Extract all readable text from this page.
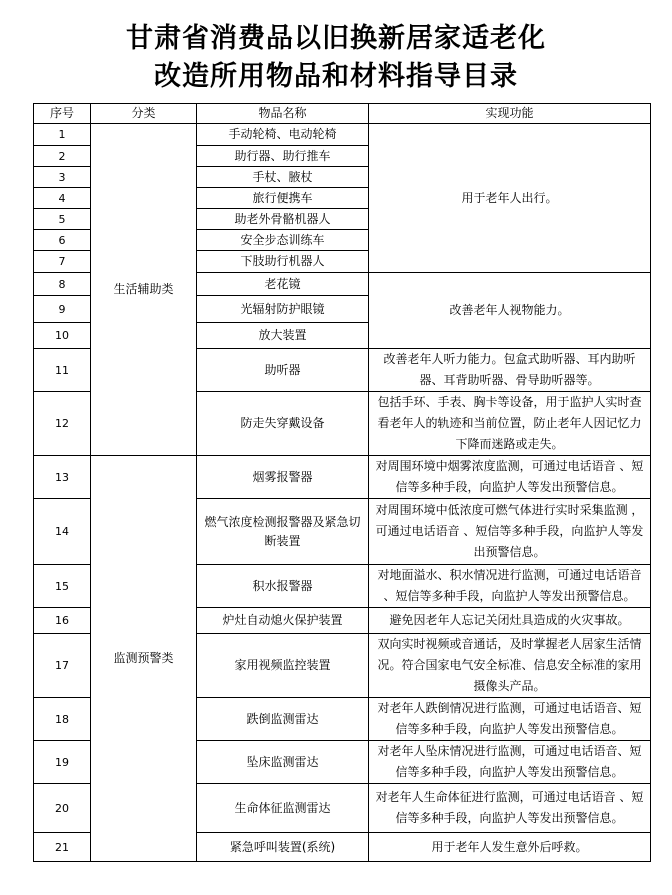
甘肃省消费品以旧换新居家适老化
改造所用物品和材料指导目录
序号	分类	物品名称	实现功能
1	生活辅助类	手动轮椅、电动轮椅	用于老年人出行。
2		助行器、助行推车	
3		手杖、腋杖	
4		旅行便携车	
5		助老外骨骼机器人	
6		安全步态训练车	
7		下肢助行机器人	
8		老花镜	改善老年人视物能力。
9		光辐射防护眼镜	
10		放大装置	
11		助听器	改善老年人听力能力。包盒式助听器、耳内助听器、耳背助听器、骨导助听器等。
12		防走失穿戴设备	包括手环、手表、胸卡等设备，用于监护人实时查看老年人的轨迹和当前位置，防止老年人因记忆力下降而迷路或走失。
13	监测预警类	烟雾报警器	对周围环境中烟雾浓度监测，可通过电话语音 、短信等多种手段，向监护人等发出预警信息。
14		燃气浓度检测报警器及紧急切断装置	对周围环境中低浓度可燃气体进行实时采集监测 ，可通过电话语音 、短信等多种手段，向监护人等发出预警信息。
15		积水报警器	对地面溢水、积水情况进行监测，可通过电话语音 、短信等多种手段，向监护人等发出预警信息。
16		炉灶自动熄火保护装置	避免因老年人忘记关闭灶具造成的火灾事故。
17		家用视频监控装置	双向实时视频或音通话，及时掌握老人居家生活情况。符合国家电气安全标准、信息安全标准的家用摄像头产品。
18		跌倒监测雷达	对老年人跌倒情况进行监测，可通过电话语音、短信等多种手段，向监护人等发出预警信息。
19		坠床监测雷达	对老年人坠床情况进行监测，可通过电话语音、短信等多种手段，向监护人等发出预警信息。
20		生命体征监测雷达	对老年人生命体征进行监测，可通过电话语音 、短信等多种手段，向监护人等发出预警信息。
21		紧急呼叫装置(系统)	用于老年人发生意外后呼救。
